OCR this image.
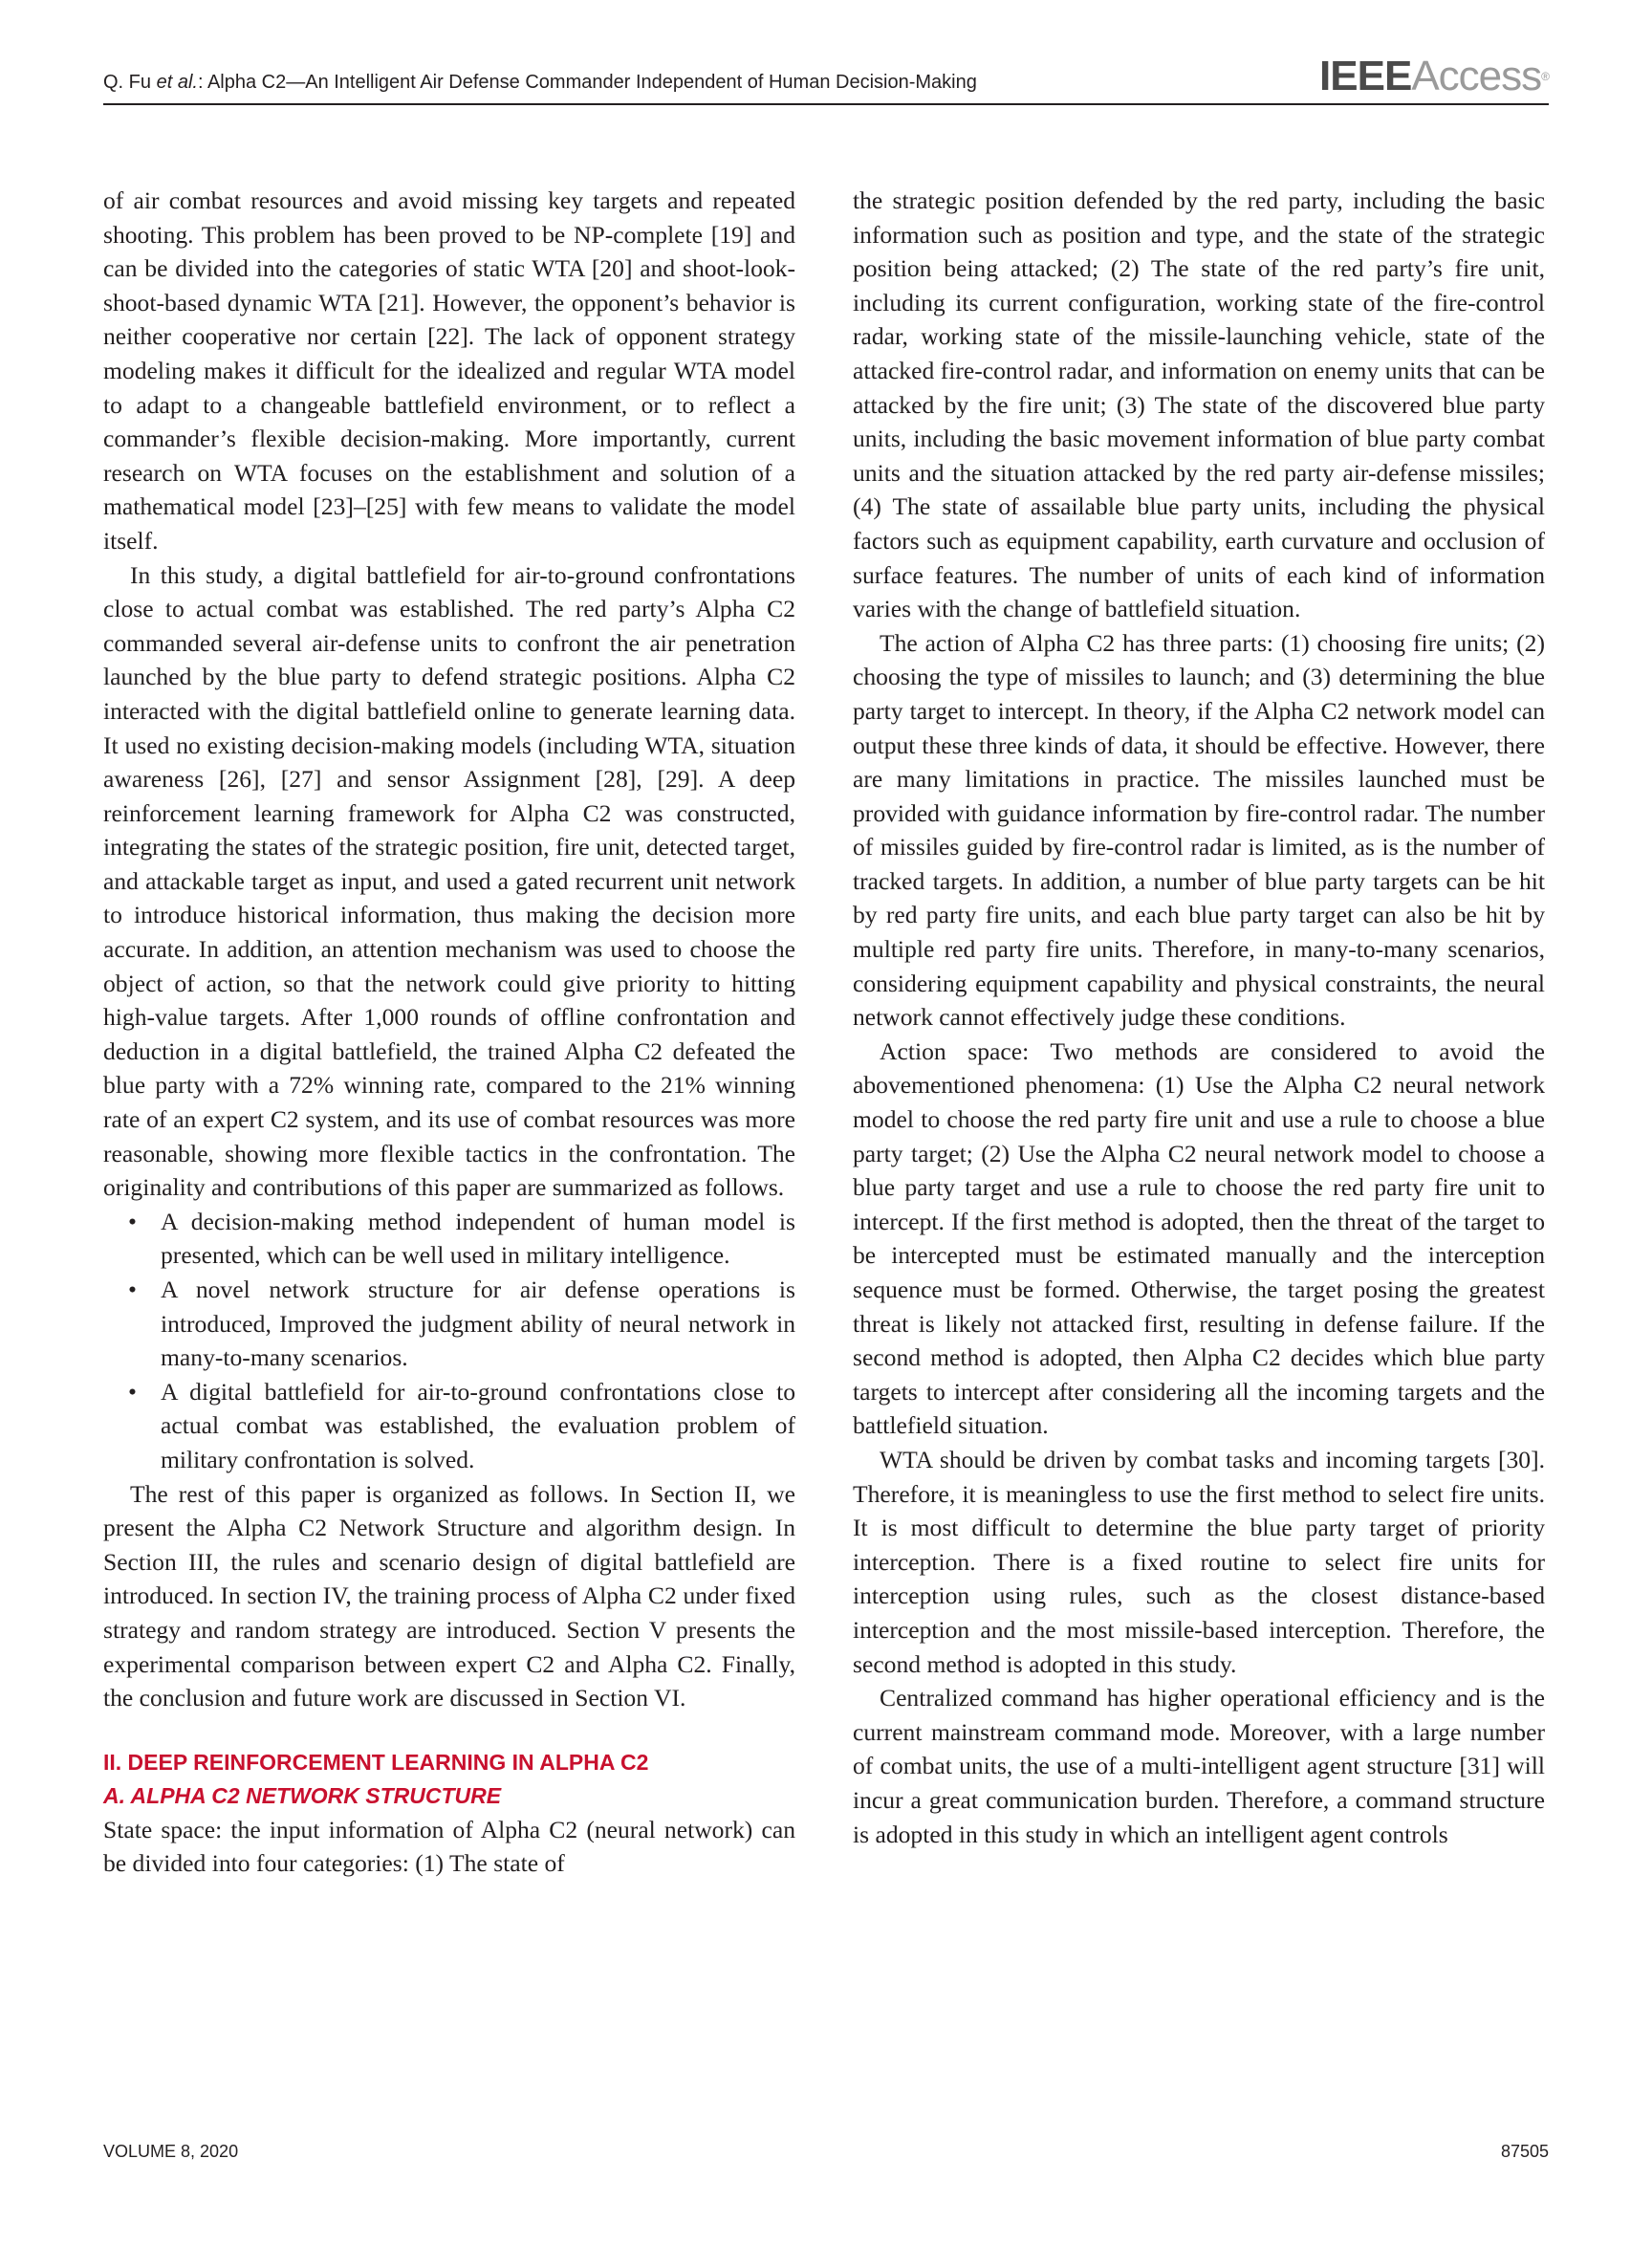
Q. Fu et al.: Alpha C2—An Intelligent Air Defense Commander Independent of Human Decision-Making	IEEEAccess®

of air combat resources and avoid missing key targets and repeated shooting. This problem has been proved to be NP-complete [19] and can be divided into the categories of static WTA [20] and shoot-look-shoot-based dynamic WTA [21]. However, the opponent’s behavior is neither cooperative nor certain [22]. The lack of opponent strategy modeling makes it difficult for the idealized and regular WTA model to adapt to a changeable battlefield environment, or to reflect a commander’s flexible decision-making. More importantly, current research on WTA focuses on the establishment and solution of a mathematical model [23]–[25] with few means to validate the model itself.

In this study, a digital battlefield for air-to-ground confrontations close to actual combat was established. The red party’s Alpha C2 commanded several air-defense units to confront the air penetration launched by the blue party to defend strategic positions. Alpha C2 interacted with the digital battlefield online to generate learning data. It used no existing decision-making models (including WTA, situation awareness [26], [27] and sensor Assignment [28], [29]. A deep reinforcement learning framework for Alpha C2 was constructed, integrating the states of the strategic position, fire unit, detected target, and attackable target as input, and used a gated recurrent unit network to introduce historical information, thus making the decision more accurate. In addition, an attention mechanism was used to choose the object of action, so that the network could give priority to hitting high-value targets. After 1,000 rounds of offline confrontation and deduction in a digital battlefield, the trained Alpha C2 defeated the blue party with a 72% winning rate, compared to the 21% winning rate of an expert C2 system, and its use of combat resources was more reasonable, showing more flexible tactics in the confrontation. The originality and contributions of this paper are summarized as follows.

• A decision-making method independent of human model is presented, which can be well used in military intelligence.
• A novel network structure for air defense operations is introduced, Improved the judgment ability of neural network in many-to-many scenarios.
• A digital battlefield for air-to-ground confrontations close to actual combat was established, the evaluation problem of military confrontation is solved.

The rest of this paper is organized as follows. In Section II, we present the Alpha C2 Network Structure and algorithm design. In Section III, the rules and scenario design of digital battlefield are introduced. In section IV, the training process of Alpha C2 under fixed strategy and random strategy are introduced. Section V presents the experimental comparison between expert C2 and Alpha C2. Finally, the conclusion and future work are discussed in Section VI.

II. DEEP REINFORCEMENT LEARNING IN ALPHA C2
A. ALPHA C2 NETWORK STRUCTURE

State space: the input information of Alpha C2 (neural network) can be divided into four categories: (1) The state of

the strategic position defended by the red party, including the basic information such as position and type, and the state of the strategic position being attacked; (2) The state of the red party’s fire unit, including its current configuration, working state of the fire-control radar, working state of the missile-launching vehicle, state of the attacked fire-control radar, and information on enemy units that can be attacked by the fire unit; (3) The state of the discovered blue party units, including the basic movement information of blue party combat units and the situation attacked by the red party air-defense missiles; (4) The state of assailable blue party units, including the physical factors such as equipment capability, earth curvature and occlusion of surface features. The number of units of each kind of information varies with the change of battlefield situation.

The action of Alpha C2 has three parts: (1) choosing fire units; (2) choosing the type of missiles to launch; and (3) determining the blue party target to intercept. In theory, if the Alpha C2 network model can output these three kinds of data, it should be effective. However, there are many limitations in practice. The missiles launched must be provided with guidance information by fire-control radar. The number of missiles guided by fire-control radar is limited, as is the number of tracked targets. In addition, a number of blue party targets can be hit by red party fire units, and each blue party target can also be hit by multiple red party fire units. Therefore, in many-to-many scenarios, considering equipment capability and physical constraints, the neural network cannot effectively judge these conditions.

Action space: Two methods are considered to avoid the abovementioned phenomena: (1) Use the Alpha C2 neural network model to choose the red party fire unit and use a rule to choose a blue party target; (2) Use the Alpha C2 neural network model to choose a blue party target and use a rule to choose the red party fire unit to intercept. If the first method is adopted, then the threat of the target to be intercepted must be estimated manually and the interception sequence must be formed. Otherwise, the target posing the greatest threat is likely not attacked first, resulting in defense failure. If the second method is adopted, then Alpha C2 decides which blue party targets to intercept after considering all the incoming targets and the battlefield situation.

WTA should be driven by combat tasks and incoming targets [30]. Therefore, it is meaningless to use the first method to select fire units. It is most difficult to determine the blue party target of priority interception. There is a fixed routine to select fire units for interception using rules, such as the closest distance-based interception and the most missile-based interception. Therefore, the second method is adopted in this study.

Centralized command has higher operational efficiency and is the current mainstream command mode. Moreover, with a large number of combat units, the use of a multi-intelligent agent structure [31] will incur a great communication burden. Therefore, a command structure is adopted in this study in which an intelligent agent controls

VOLUME 8, 2020	87505
